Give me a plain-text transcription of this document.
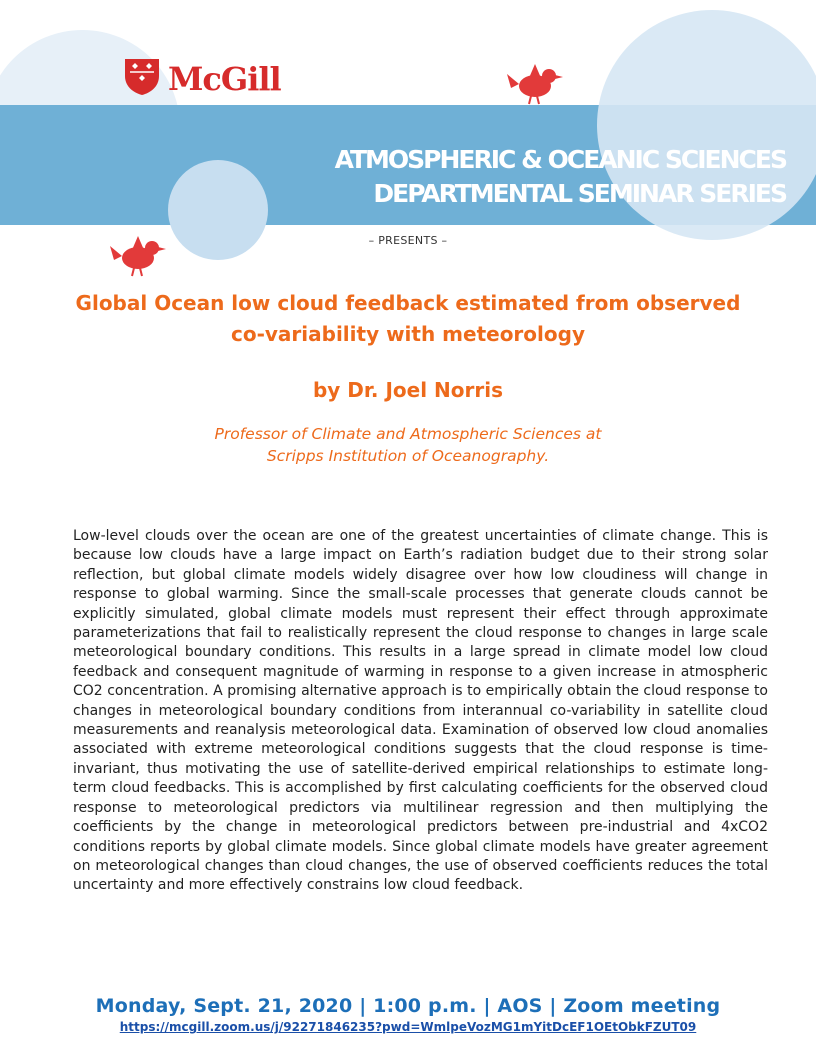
McGill
ATMOSPHERIC & OCEANIC SCIENCES
DEPARTMENTAL SEMINAR SERIES
– PRESENTS –
Global Ocean low cloud feedback estimated from observed
co-variability with meteorology
by Dr. Joel Norris
Professor of Climate and Atmospheric Sciences at
Scripps Institution of Oceanography.
Low-level clouds over the ocean are one of the greatest uncertainties of climate change. This is because low clouds have a large impact on Earth’s radiation budget due to their strong solar reflection, but global climate models widely disagree over how low cloudiness will change in response to global warming. Since the small-scale processes that generate clouds cannot be explicitly simulated, global climate models must represent their effect through approximate parameterizations that fail to realistically represent the cloud response to changes in large scale meteorological boundary conditions. This results in a large spread in climate model low cloud feedback and consequent magnitude of warming in response to a given increase in atmospheric CO2 concentration. A promising alternative approach is to empirically obtain the cloud response to changes in meteorological boundary conditions from interannual co-variability in satellite cloud measurements and reanalysis meteorological data. Examination of observed low cloud anomalies associated with extreme meteorological conditions suggests that the cloud response is time-invariant, thus motivating the use of satellite-derived empirical relationships to estimate long-term cloud feedbacks. This is accomplished by first calculating coefficients for the observed cloud response to meteorological predictors via multilinear regression and then multiplying the coefficients by the change in meteorological predictors between pre-industrial and 4xCO2 conditions reports by global climate models. Since global climate models have greater agreement on meteorological changes than cloud changes, the use of observed coefficients reduces the total uncertainty and more effectively constrains low cloud feedback.
Monday, Sept. 21, 2020 | 1:00 p.m. | AOS | Zoom meeting
https://mcgill.zoom.us/j/92271846235?pwd=WmlpeVozMG1mYitDcEF1OEtObkFZUT09
